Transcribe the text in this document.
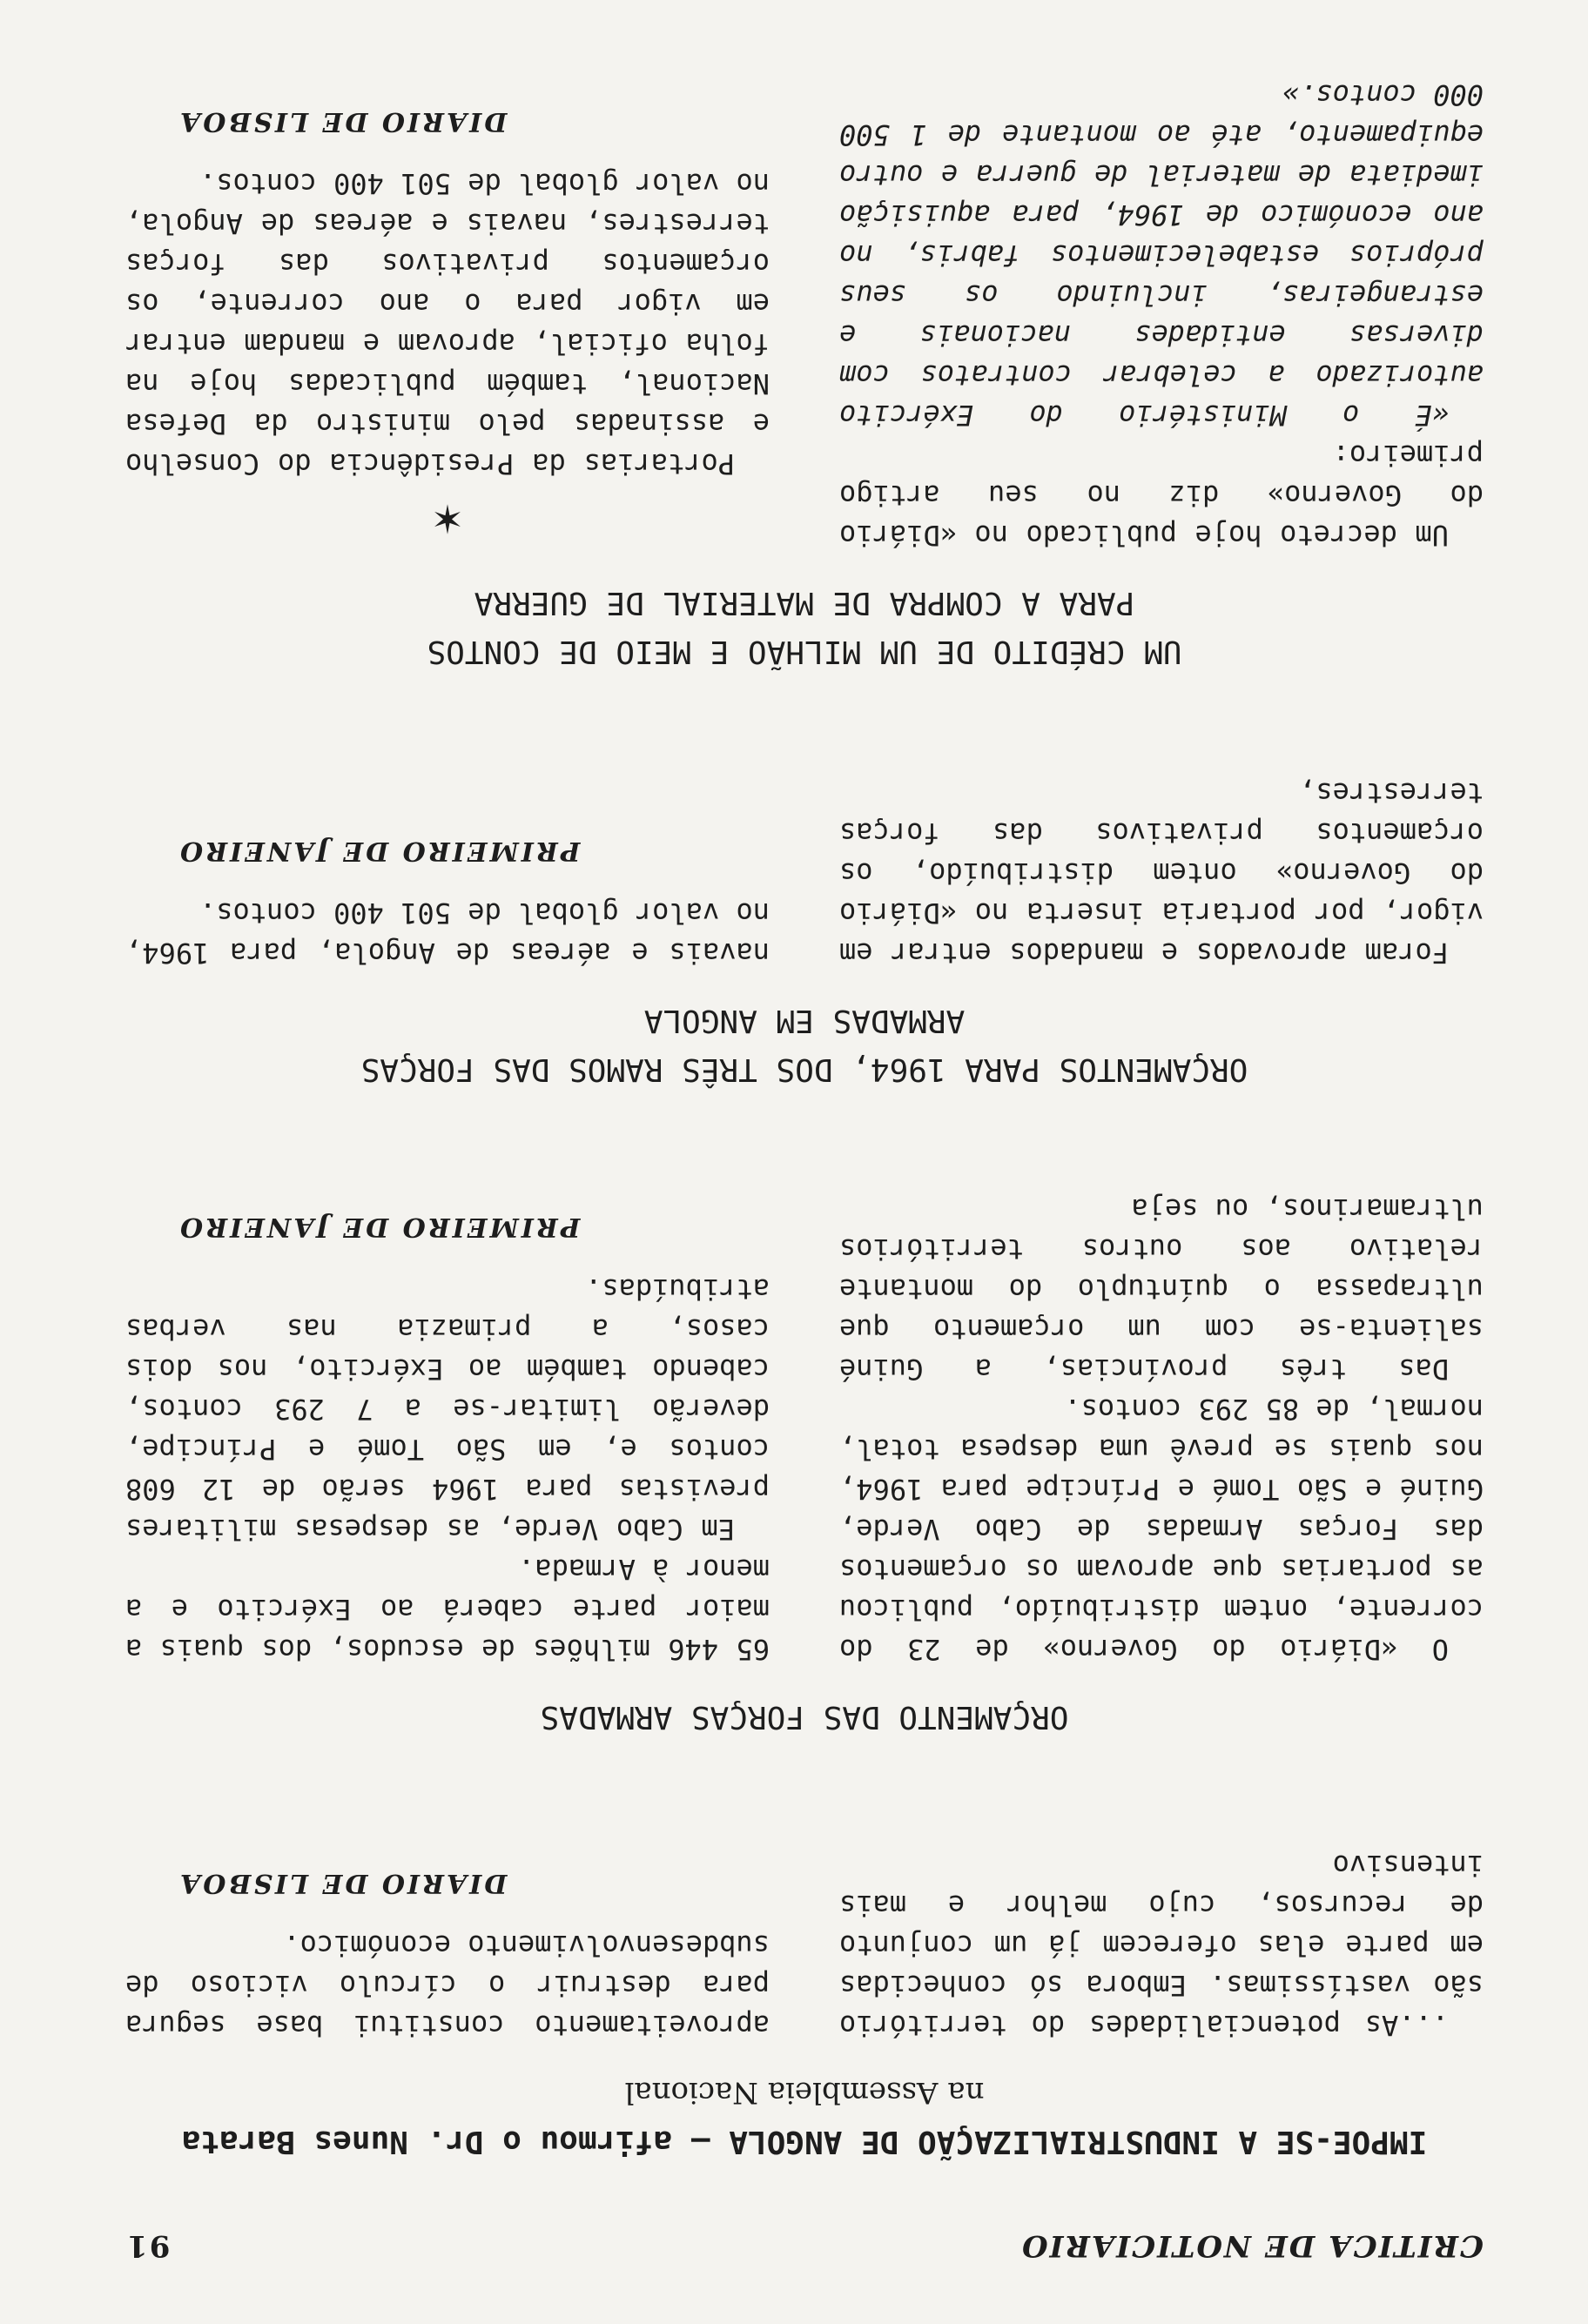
CRITICA DE NOTICIARIO
91
IMPOE-SE A INDUSTRIALIZAÇÃO DE ANGOLA — afirmou o Dr. Nunes Barata
na Assembleia Nacional

...As potencialidades do território são vastíssimas. Embora só conhecidas em parte elas oferecem já um conjunto de recursos, cujo melhor e mais intensivo

aproveitamento constitui base segura para destruir o círculo vicioso de subdesenvolvimento económico.

DIARIO DE LISBOA
ORÇAMENTO DAS FORÇAS ARMADAS

O «Diário do Governo» de 23 do corrente, ontem distribuído, publicou as portarias que aprovam os orçamentos das Forças Armadas de Cabo Verde, Guiné e São Tomé e Príncipe para 1964, nos quais se prevê uma despesa total, normal, de 85 293 contos.

Das três províncias, a Guiné salienta-se com um orçamento que ultrapassa o quíntuplo do montante relativo aos outros territórios ultramarinos, ou seja

65 446 milhões de escudos, dos quais a maior parte caberá ao Exército e a menor à Armada.

Em Cabo Verde, as despesas militares previstas para 1964 serão de 12 608 contos e, em São Tomé e Príncipe, deverão limitar-se a 7 293 contos, cabendo também ao Exército, nos dois casos, a primazia nas verbas atribuídas.

PRIMEIRO DE JANEIRO
ORÇAMENTOS PARA 1964, DOS TRÊS RAMOS DAS FORÇAS
ARMADAS EM ANGOLA

Foram aprovados e mandados entrar em vigor, por portaria inserta no «Diário do Governo» ontem distribuído, os orçamentos privativos das forças terrestres,

navais e aéreas de Angola, para 1964, no valor global de 501 400 contos.

PRIMEIRO DE JANEIRO
UM CRÉDITO DE UM MILHÃO E MEIO DE CONTOS
PARA A COMPRA DE MATERIAL DE GUERRA

Um decreto hoje publicado no «Diário do Governo» diz no seu artigo primeiro:

«É o Ministério do Exército autorizado a celebrar contratos com diversas entidades nacionais e estrangeiras, incluindo os seus próprios estabelecimentos fabris, no ano económico de 1964, para aquisição imediata de material de guerra e outro equipamento, até ao montante de 1 500 000 contos.»

✶

Portarias da Presidência do Conselho e assinadas pelo ministro da Defesa Nacional, também publicadas hoje na folha oficial, aprovam e mandam entrar em vigor para o ano corrente, os orçamentos privativos das forças terrestres, navais e aéreas de Angola, no valor global de 501 400 contos.

DIARIO DE LISBOA
